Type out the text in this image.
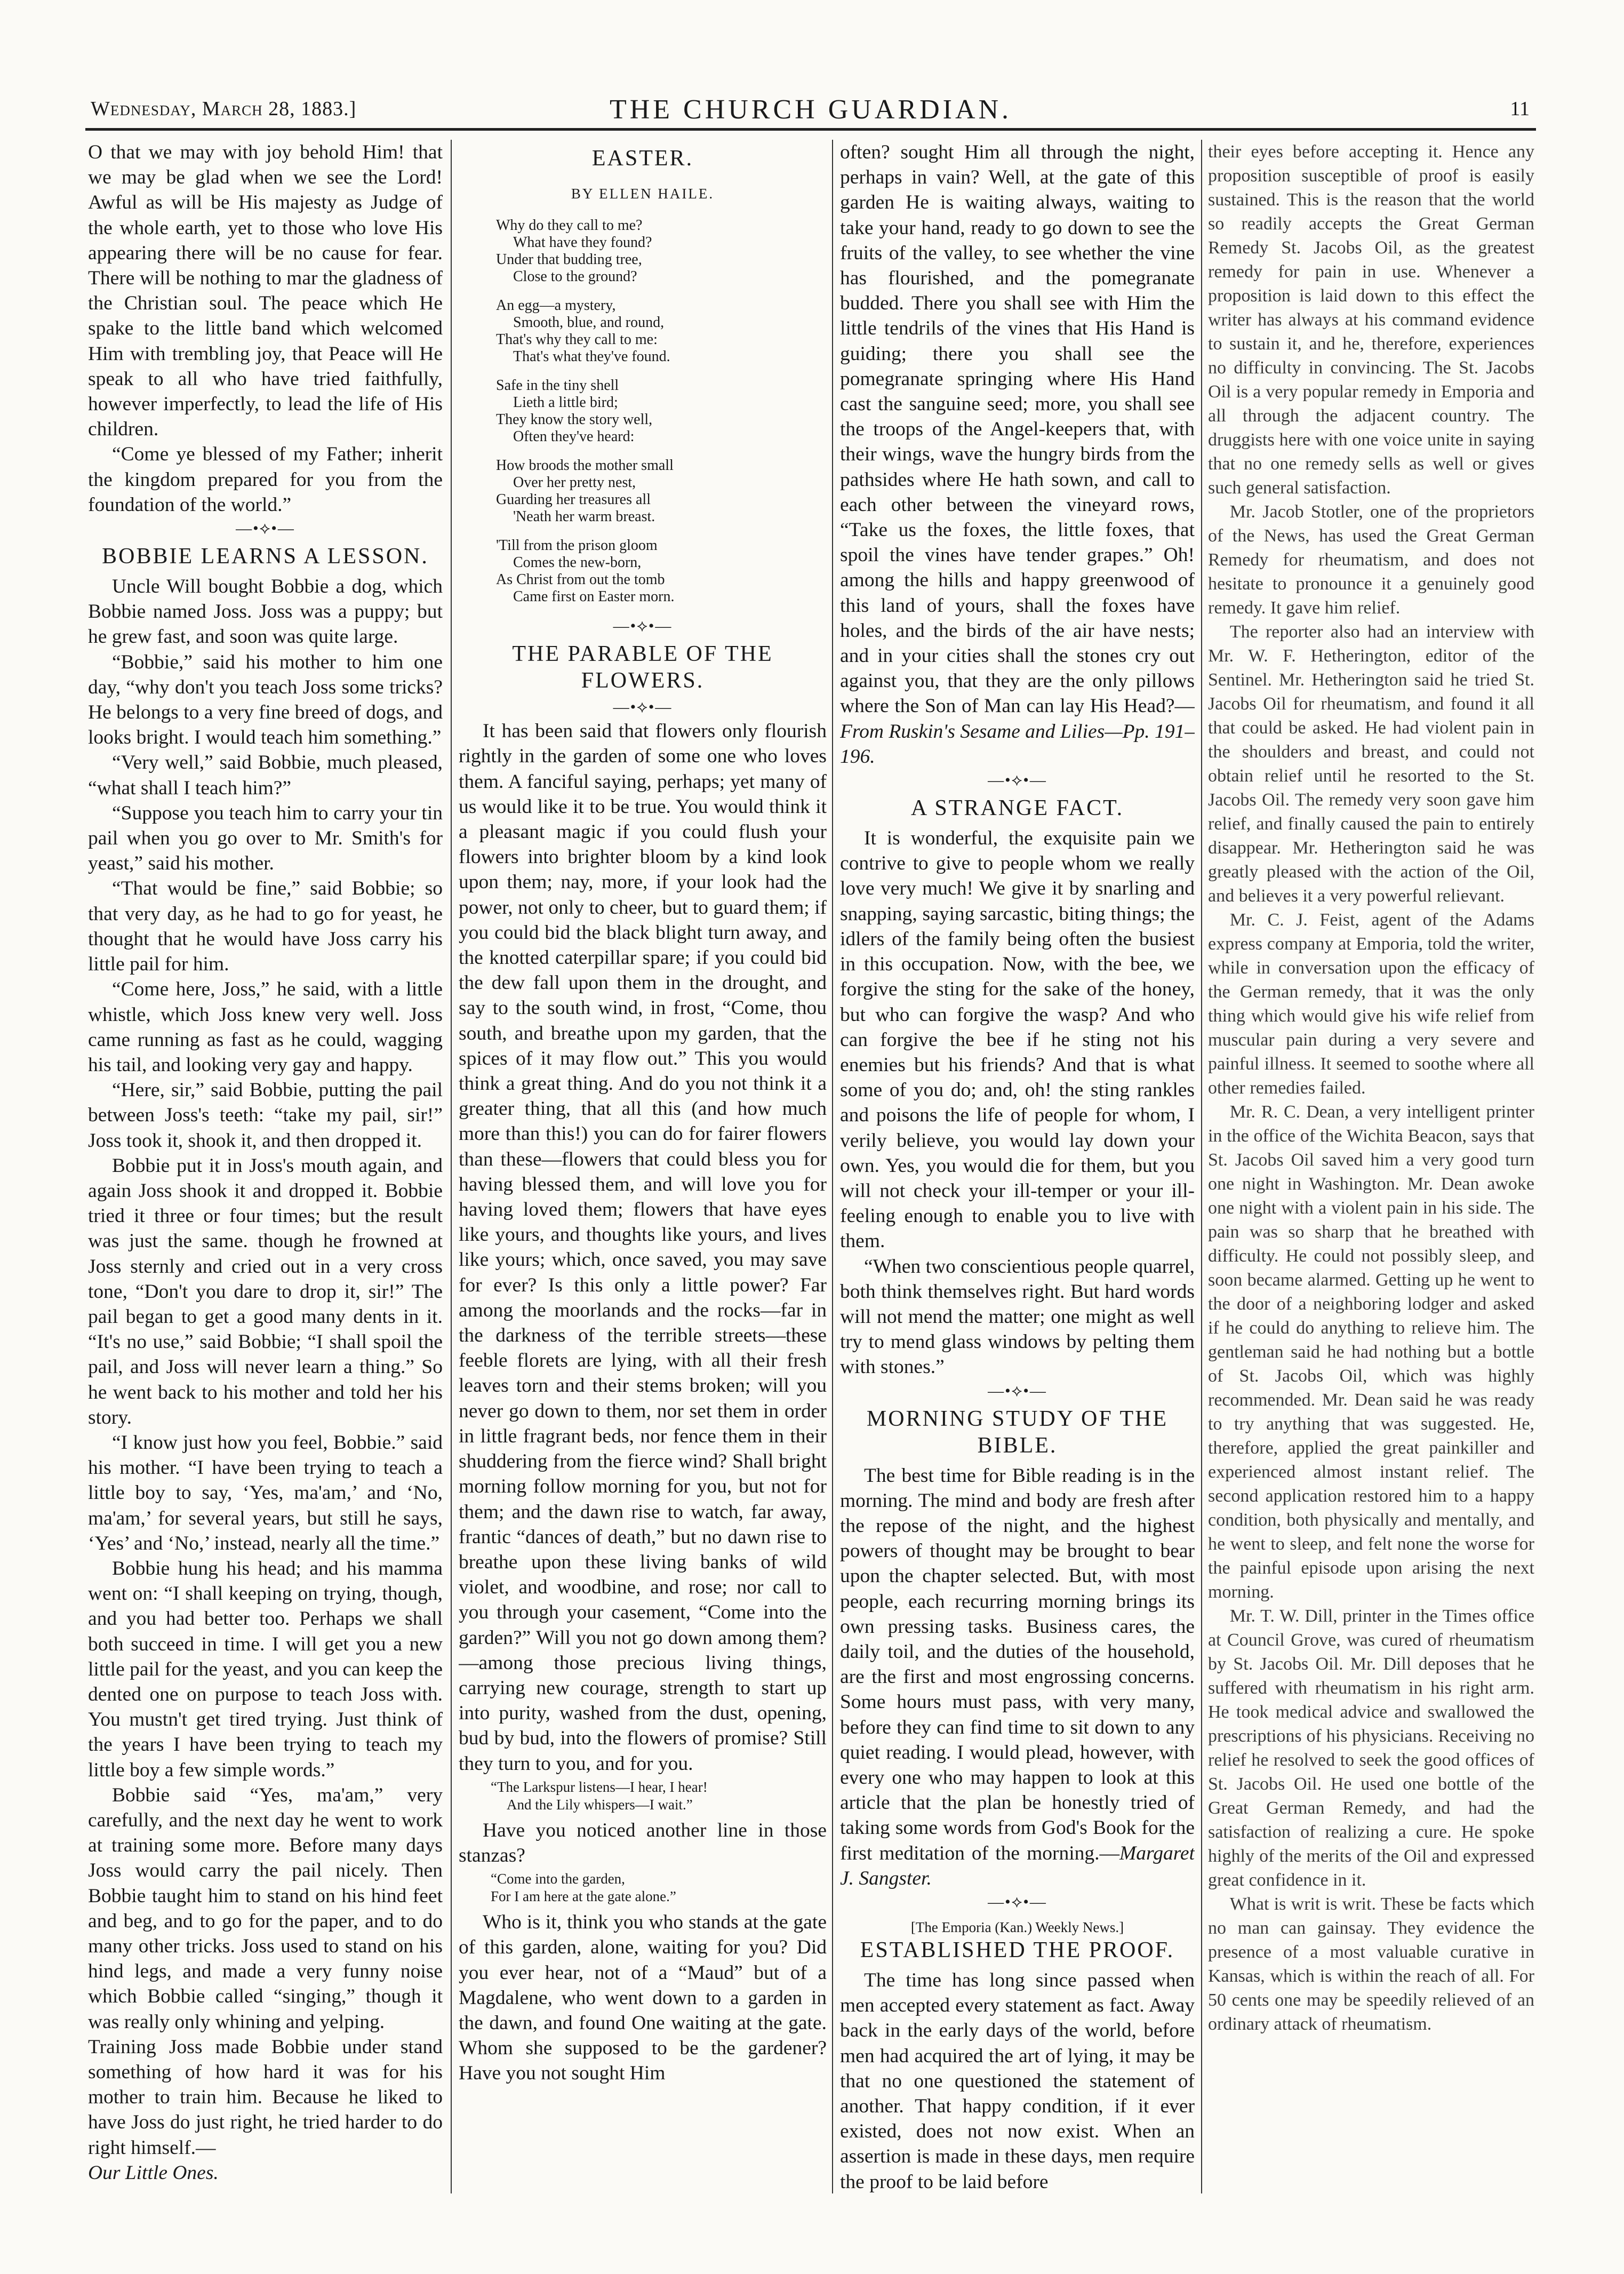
Wednesday, March 28, 1883.]	THE CHURCH GUARDIAN.	11

O that we may with joy behold Him! that we may be glad when we see the Lord! Awful as will be His majesty as Judge of the whole earth, yet to those who love His appearing there will be no cause for fear. There will be nothing to mar the gladness of the Christian soul. The peace which He spake to the little band which welcomed Him with trembling joy, that Peace will He speak to all who have tried faithfully, however imperfectly, to lead the life of His children.

“Come ye blessed of my Father; inherit the kingdom prepared for you from the foundation of the world.”

—•⟡•—
BOBBIE LEARNS A LESSON.

Uncle Will bought Bobbie a dog, which Bobbie named Joss. Joss was a puppy; but he grew fast, and soon was quite large.

“Bobbie,” said his mother to him one day, “why don't you teach Joss some tricks? He belongs to a very fine breed of dogs, and looks bright. I would teach him something.”

“Very well,” said Bobbie, much pleased, “what shall I teach him?”

“Suppose you teach him to carry your tin pail when you go over to Mr. Smith's for yeast,” said his mother.

“That would be fine,” said Bobbie; so that very day, as he had to go for yeast, he thought that he would have Joss carry his little pail for him.

“Come here, Joss,” he said, with a little whistle, which Joss knew very well. Joss came running as fast as he could, wagging his tail, and looking very gay and happy.

“Here, sir,” said Bobbie, putting the pail between Joss's teeth: “take my pail, sir!” Joss took it, shook it, and then dropped it.

Bobbie put it in Joss's mouth again, and again Joss shook it and dropped it. Bobbie tried it three or four times; but the result was just the same. though he frowned at Joss sternly and cried out in a very cross tone, “Don't you dare to drop it, sir!” The pail began to get a good many dents in it. “It's no use,” said Bobbie; “I shall spoil the pail, and Joss will never learn a thing.” So he went back to his mother and told her his story.

“I know just how you feel, Bobbie.” said his mother. “I have been trying to teach a little boy to say, ‘Yes, ma'am,’ and ‘No, ma'am,’ for several years, but still he says, ‘Yes’ and ‘No,’ instead, nearly all the time.”

Bobbie hung his head; and his mamma went on: “I shall keeping on trying, though, and you had better too. Perhaps we shall both succeed in time. I will get you a new little pail for the yeast, and you can keep the dented one on purpose to teach Joss with. You mustn't get tired trying. Just think of the years I have been trying to teach my little boy a few simple words.”

Bobbie said “Yes, ma'am,” very carefully, and the next day he went to work at training some more. Before many days Joss would carry the pail nicely. Then Bobbie taught him to stand on his hind feet and beg, and to go for the paper, and to do many other tricks. Joss used to stand on his hind legs, and made a very funny noise which Bobbie called “singing,” though it was really only whining and yelping.

Training Joss made Bobbie under stand something of how hard it was for his mother to train him. Because he liked to have Joss do just right, he tried harder to do right himself.—

Our Little Ones.

EASTER.
BY ELLEN HAILE.
Why do they call to me?
What have they found?
Under that budding tree,
Close to the ground?
An egg—a mystery,
Smooth, blue, and round,
That's why they call to me:
That's what they've found.
Safe in the tiny shell
Lieth a little bird;
They know the story well,
Often they've heard:
How broods the mother small
Over her pretty nest,
Guarding her treasures all
'Neath her warm breast.
'Till from the prison gloom
Comes the new-born,
As Christ from out the tomb
Came first on Easter morn.
—•⟡•—
THE PARABLE OF THE FLOWERS.
—•⟡•—

It has been said that flowers only flourish rightly in the garden of some one who loves them. A fanciful saying, perhaps; yet many of us would like it to be true. You would think it a pleasant magic if you could flush your flowers into brighter bloom by a kind look upon them; nay, more, if your look had the power, not only to cheer, but to guard them; if you could bid the black blight turn away, and the knotted caterpillar spare; if you could bid the dew fall upon them in the drought, and say to the south wind, in frost, “Come, thou south, and breathe upon my garden, that the spices of it may flow out.” This you would think a great thing. And do you not think it a greater thing, that all this (and how much more than this!) you can do for fairer flowers than these—flowers that could bless you for having blessed them, and will love you for having loved them; flowers that have eyes like yours, and thoughts like yours, and lives like yours; which, once saved, you may save for ever? Is this only a little power? Far among the moorlands and the rocks—far in the darkness of the terrible streets—these feeble florets are lying, with all their fresh leaves torn and their stems broken; will you never go down to them, nor set them in order in little fragrant beds, nor fence them in their shuddering from the fierce wind? Shall bright morning follow morning for you, but not for them; and the dawn rise to watch, far away, frantic “dances of death,” but no dawn rise to breathe upon these living banks of wild violet, and woodbine, and rose; nor call to you through your casement, “Come into the garden?” Will you not go down among them?—among those precious living things, carrying new courage, strength to start up into purity, washed from the dust, opening, bud by bud, into the flowers of promise? Still they turn to you, and for you.

“The Larkspur listens—I hear, I hear!
And the Lily whispers—I wait.”

Have you noticed another line in those stanzas?

“Come into the garden,
For I am here at the gate alone.”

Who is it, think you who stands at the gate of this garden, alone, waiting for you? Did you ever hear, not of a “Maud” but of a Magdalene, who went down to a garden in the dawn, and found One waiting at the gate. Whom she supposed to be the gardener? Have you not sought Him

often? sought Him all through the night, perhaps in vain? Well, at the gate of this garden He is waiting always, waiting to take your hand, ready to go down to see the fruits of the valley, to see whether the vine has flourished, and the pomegranate budded. There you shall see with Him the little tendrils of the vines that His Hand is guiding; there you shall see the pomegranate springing where His Hand cast the sanguine seed; more, you shall see the troops of the Angel-keepers that, with their wings, wave the hungry birds from the pathsides where He hath sown, and call to each other between the vineyard rows, “Take us the foxes, the little foxes, that spoil the vines have tender grapes.” Oh! among the hills and happy greenwood of this land of yours, shall the foxes have holes, and the birds of the air have nests; and in your cities shall the stones cry out against you, that they are the only pillows where the Son of Man can lay His Head?—From Ruskin's Sesame and Lilies—Pp. 191–196.

—•⟡•—
A STRANGE FACT.

It is wonderful, the exquisite pain we contrive to give to people whom we really love very much! We give it by snarling and snapping, saying sarcastic, biting things; the idlers of the family being often the busiest in this occupation. Now, with the bee, we forgive the sting for the sake of the honey, but who can forgive the wasp? And who can forgive the bee if he sting not his enemies but his friends? And that is what some of you do; and, oh! the sting rankles and poisons the life of people for whom, I verily believe, you would lay down your own. Yes, you would die for them, but you will not check your ill-temper or your ill-feeling enough to enable you to live with them.

“When two conscientious people quarrel, both think themselves right. But hard words will not mend the matter; one might as well try to mend glass windows by pelting them with stones.”

—•⟡•—
MORNING STUDY OF THE BIBLE.

The best time for Bible reading is in the morning. The mind and body are fresh after the repose of the night, and the highest powers of thought may be brought to bear upon the chapter selected. But, with most people, each recurring morning brings its own pressing tasks. Business cares, the daily toil, and the duties of the household, are the first and most engrossing concerns. Some hours must pass, with very many, before they can find time to sit down to any quiet reading. I would plead, however, with every one who may happen to look at this article that the plan be honestly tried of taking some words from God's Book for the first meditation of the morning.—Margaret J. Sangster.

—•⟡•—
[The Emporia (Kan.) Weekly News.]
ESTABLISHED THE PROOF.

The time has long since passed when men accepted every statement as fact. Away back in the early days of the world, before men had acquired the art of lying, it may be that no one questioned the statement of another. That happy condition, if it ever existed, does not now exist. When an assertion is made in these days, men require the proof to be laid before

their eyes before accepting it. Hence any proposition susceptible of proof is easily sustained. This is the reason that the world so readily accepts the Great German Remedy St. Jacobs Oil, as the greatest remedy for pain in use. Whenever a proposition is laid down to this effect the writer has always at his command evidence to sustain it, and he, therefore, experiences no difficulty in convincing. The St. Jacobs Oil is a very popular remedy in Emporia and all through the adjacent country. The druggists here with one voice unite in saying that no one remedy sells as well or gives such general satisfaction.

Mr. Jacob Stotler, one of the proprietors of the News, has used the Great German Remedy for rheumatism, and does not hesitate to pronounce it a genuinely good remedy. It gave him relief.

The reporter also had an interview with Mr. W. F. Hetherington, editor of the Sentinel. Mr. Hetherington said he tried St. Jacobs Oil for rheumatism, and found it all that could be asked. He had violent pain in the shoulders and breast, and could not obtain relief until he resorted to the St. Jacobs Oil. The remedy very soon gave him relief, and finally caused the pain to entirely disappear. Mr. Hetherington said he was greatly pleased with the action of the Oil, and believes it a very powerful relievant.

Mr. C. J. Feist, agent of the Adams express company at Emporia, told the writer, while in conversation upon the efficacy of the German remedy, that it was the only thing which would give his wife relief from muscular pain during a very severe and painful illness. It seemed to soothe where all other remedies failed.

Mr. R. C. Dean, a very intelligent printer in the office of the Wichita Beacon, says that St. Jacobs Oil saved him a very good turn one night in Washington. Mr. Dean awoke one night with a violent pain in his side. The pain was so sharp that he breathed with difficulty. He could not possibly sleep, and soon became alarmed. Getting up he went to the door of a neighboring lodger and asked if he could do anything to relieve him. The gentleman said he had nothing but a bottle of St. Jacobs Oil, which was highly recommended. Mr. Dean said he was ready to try anything that was suggested. He, therefore, applied the great painkiller and experienced almost instant relief. The second application restored him to a happy condition, both physically and mentally, and he went to sleep, and felt none the worse for the painful episode upon arising the next morning.

Mr. T. W. Dill, printer in the Times office at Council Grove, was cured of rheumatism by St. Jacobs Oil. Mr. Dill deposes that he suffered with rheumatism in his right arm. He took medical advice and swallowed the prescriptions of his physicians. Receiving no relief he resolved to seek the good offices of St. Jacobs Oil. He used one bottle of the Great German Remedy, and had the satisfaction of realizing a cure. He spoke highly of the merits of the Oil and expressed great confidence in it.

What is writ is writ. These be facts which no man can gainsay. They evidence the presence of a most valuable curative in Kansas, which is within the reach of all. For 50 cents one may be speedily relieved of an ordinary attack of rheumatism.
